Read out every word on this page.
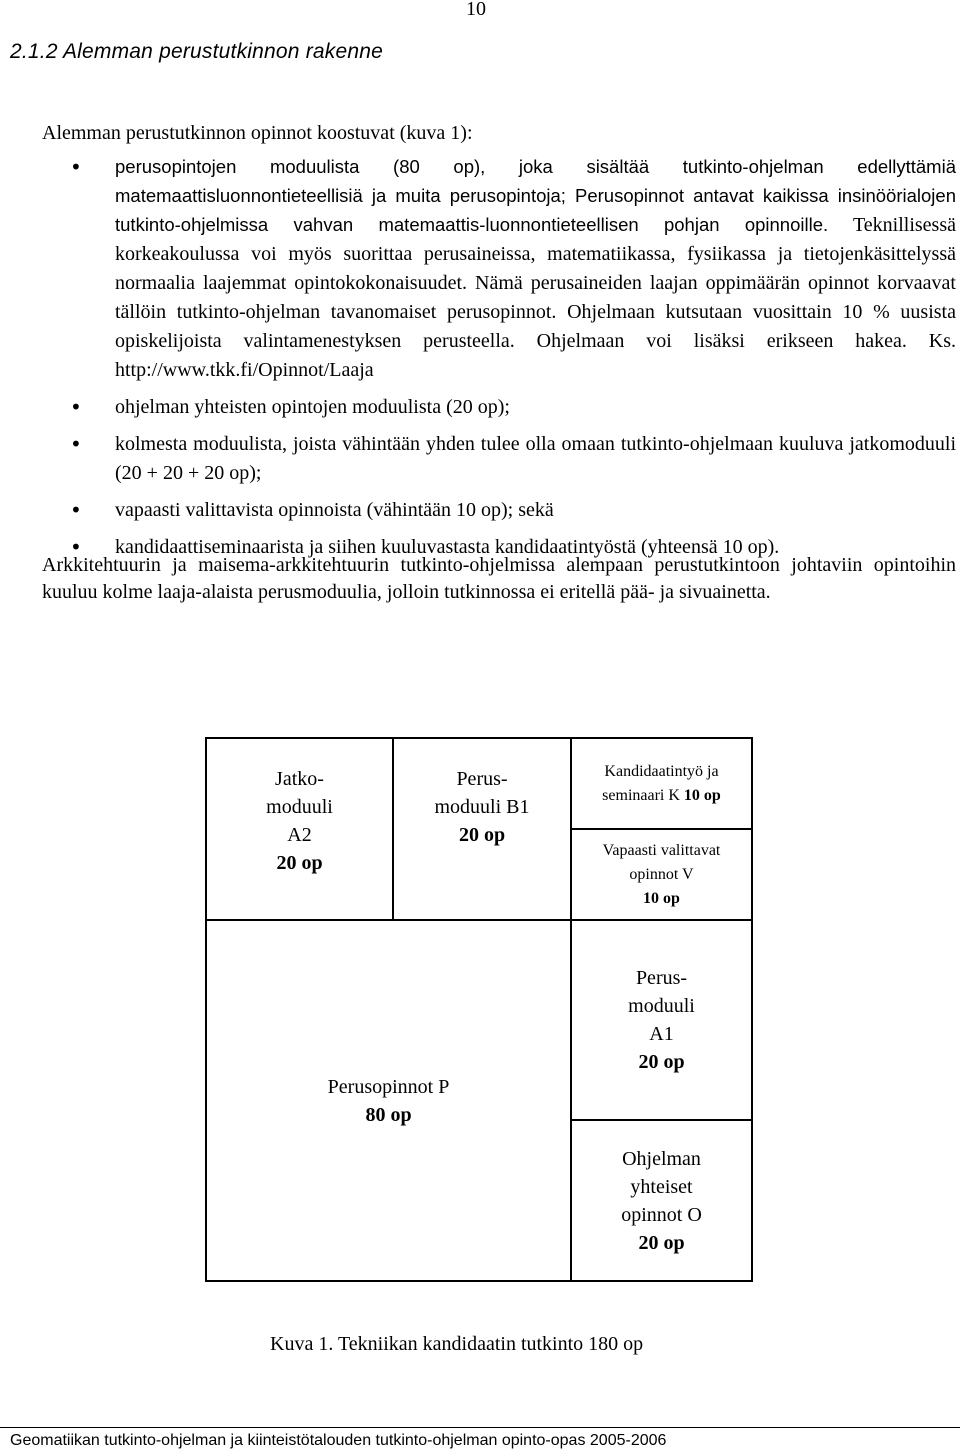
10
2.1.2 Alemman perustutkinnon rakenne
Alemman perustutkinnon opinnot koostuvat (kuva 1):
• perusopintojen moduulista (80 op), joka sisältää tutkinto-ohjelman edellyttämiä matemaattisluonnontieteellisiä ja muita perusopintoja; Perusopinnot antavat kaikissa insinöörialojen tutkinto-ohjelmissa vahvan matemaattis-luonnontieteellisen pohjan opinnoille. Teknillisessä korkeakoulussa voi myös suorittaa perusaineissa, matematiikassa, fysiikassa ja tietojenkäsittelyssä normaalia laajemmat opintokokonaisuudet. Nämä perusaineiden laajan oppimäärän opinnot korvaavat tällöin tutkinto-ohjelman tavanomaiset perusopinnot. Ohjelmaan kutsutaan vuosittain 10 % uusista opiskelijoista valintamenestyksen perusteella. Ohjelmaan voi lisäksi erikseen hakea. Ks. http://www.tkk.fi/Opinnot/Laaja
• ohjelman yhteisten opintojen moduulista (20 op);
• kolmesta moduulista, joista vähintään yhden tulee olla omaan tutkinto-ohjelmaan kuuluva jatkomoduuli (20 + 20 + 20 op);
• vapaasti valittavista opinnoista (vähintään 10 op); sekä
• kandidaattiseminaarista ja siihen kuuluvastasta kandidaatintyöstä (yhteensä 10 op).
Arkkitehtuurin ja maisema-arkkitehtuurin tutkinto-ohjelmissa alempaan perustutkintoon johtaviin opintoihin kuuluu kolme laaja-alaista perusmoduulia, jolloin tutkinnossa ei eritellä pää- ja sivuainetta.
Jatko-
moduuli
A2
20 op
Perus-
moduuli B1
20 op
Kandidaatintyö ja
seminaari K 10 op
Vapaasti valittavat
opinnot V
10 op
Perusopinnot P
80 op
Perus-
moduuli
A1
20 op
Ohjelman
yhteiset
opinnot O
20 op
Kuva 1. Tekniikan kandidaatin tutkinto 180 op
Geomatiikan tutkinto-ohjelman ja kiinteistötalouden tutkinto-ohjelman opinto-opas 2005-2006
